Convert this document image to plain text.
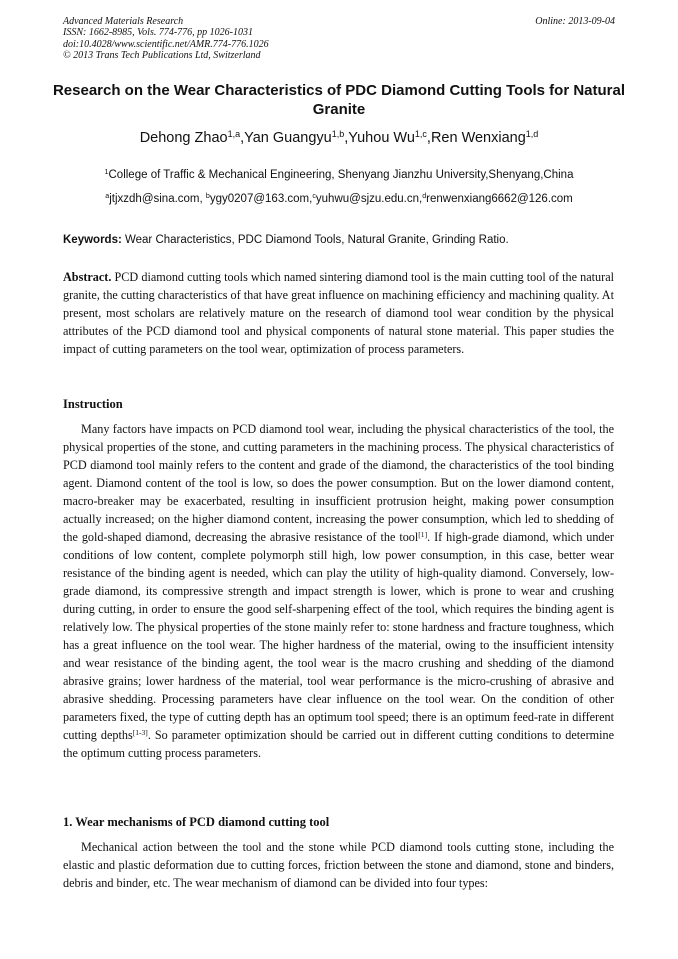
Advanced Materials Research
ISSN: 1662-8985, Vols. 774-776, pp 1026-1031
doi:10.4028/www.scientific.net/AMR.774-776.1026
© 2013 Trans Tech Publications Ltd, Switzerland
Online: 2013-09-04
Research on the Wear Characteristics of PDC Diamond Cutting Tools for Natural Granite
Dehong Zhao$^{1,a}$,Yan Guangyu$^{1,b}$,Yuhou Wu$^{1,c}$,Ren Wenxiang$^{1,d}$
$^1$College of Traffic & Mechanical Engineering, Shenyang Jianzhu University,Shenyang,China
$^a$jtjxzdh@sina.com, $^b$ygy0207@163.com,$^c$yuhwu@sjzu.edu.cn,$^d$renwenxiang6662@126.com
Keywords: Wear Characteristics, PDC Diamond Tools, Natural Granite, Grinding Ratio.

Abstract. PCD diamond cutting tools which named sintering diamond tool is the main cutting tool of the natural granite, the cutting characteristics of that have great influence on machining efficiency and machining quality. At present, most scholars are relatively mature on the research of diamond tool wear condition by the physical attributes of the PCD diamond tool and physical components of natural stone material. This paper studies the impact of cutting parameters on the tool wear, optimization of process parameters.

Instruction

Many factors have impacts on PCD diamond tool wear, including the physical characteristics of the tool, the physical properties of the stone, and cutting parameters in the machining process. The physical characteristics of PCD diamond tool mainly refers to the content and grade of the diamond, the characteristics of the tool binding agent. Diamond content of the tool is low, so does the power consumption. But on the lower diamond content, macro-breaker may be exacerbated, resulting in insufficient protrusion height, making power consumption actually increased; on the higher diamond content, increasing the power consumption, which led to shedding of the gold-shaped diamond, decreasing the abrasive resistance of the tool[1]. If high-grade diamond, which under conditions of low content, complete polymorph still high, low power consumption, in this case, better wear resistance of the binding agent is needed, which can play the utility of high-quality diamond. Conversely, low-grade diamond, its compressive strength and impact strength is lower, which is prone to wear and crushing during cutting, in order to ensure the good self-sharpening effect of the tool, which requires the binding agent is relatively low. The physical properties of the stone mainly refer to: stone hardness and fracture toughness, which has a great influence on the tool wear. The higher hardness of the material, owing to the insufficient intensity and wear resistance of the binding agent, the tool wear is the macro crushing and shedding of the diamond abrasive grains; lower hardness of the material, tool wear performance is the micro-crushing of abrasive and abrasive shedding. Processing parameters have clear influence on the tool wear. On the condition of other parameters fixed, the type of cutting depth has an optimum tool speed; there is an optimum feed-rate in different cutting depths[1-3]. So parameter optimization should be carried out in different cutting conditions to determine the optimum cutting process parameters.

1. Wear mechanisms of PCD diamond cutting tool

Mechanical action between the tool and the stone while PCD diamond tools cutting stone, including the elastic and plastic deformation due to cutting forces, friction between the stone and diamond, stone and binders, debris and binder, etc. The wear mechanism of diamond can be divided into four types:
